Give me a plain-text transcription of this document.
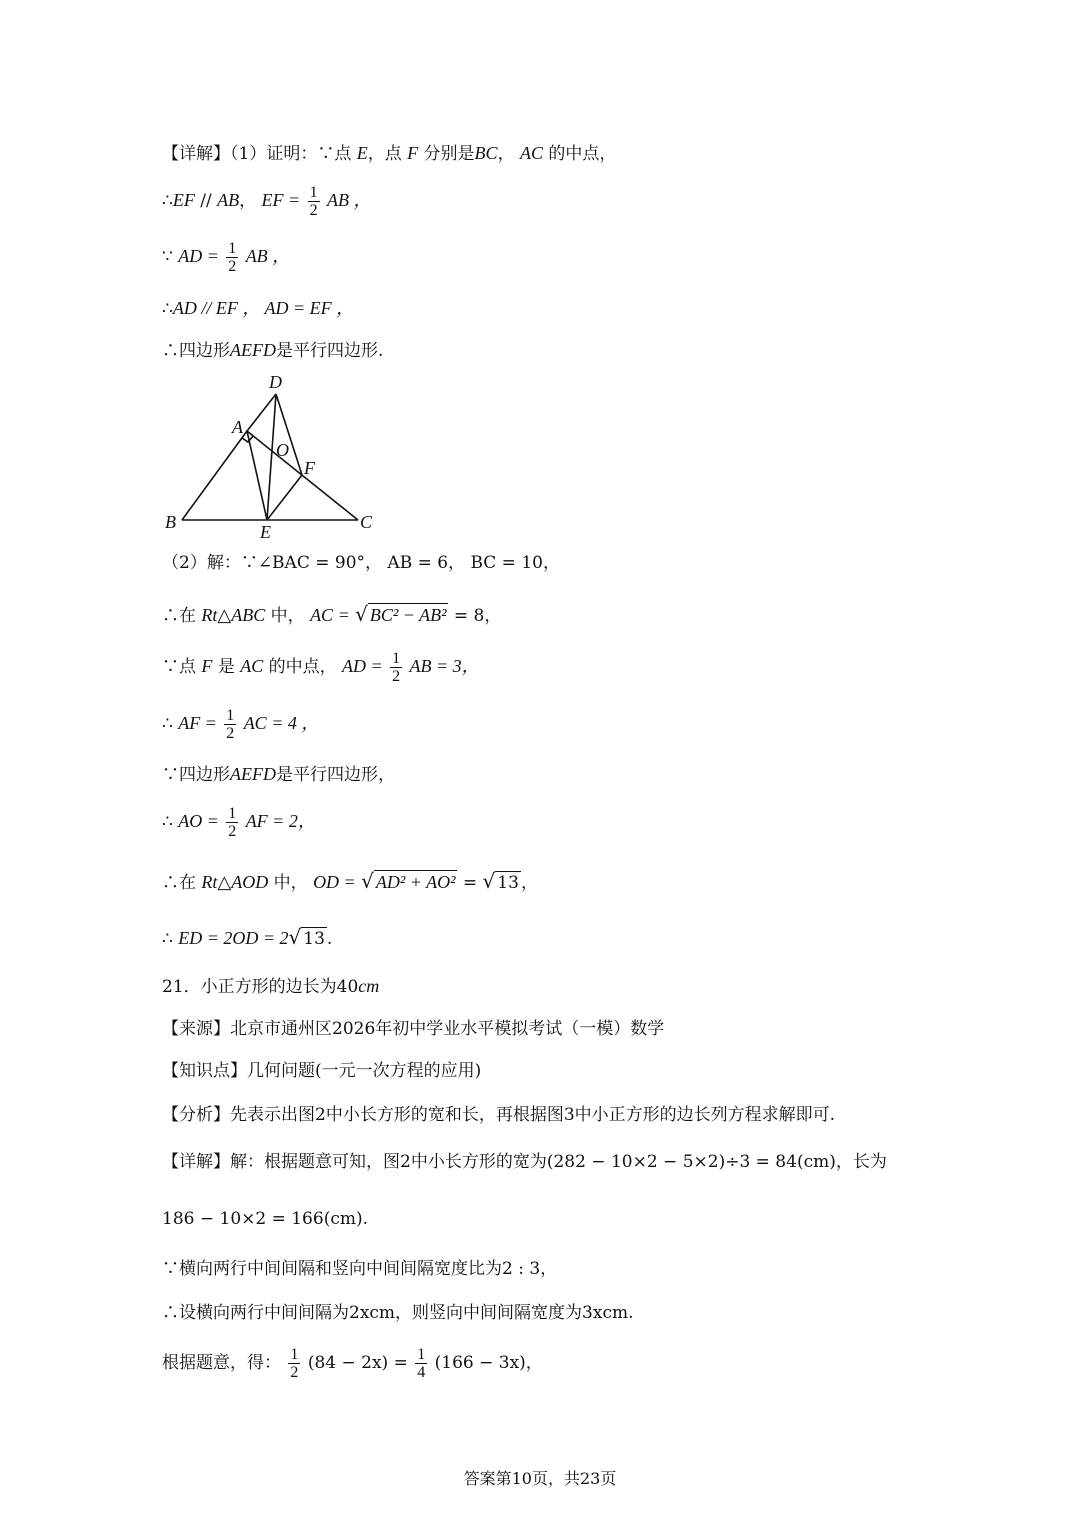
【详解】（1）证明：∵点 E，点 F 分别是BC， AC 的中点，
∴EF // AB， EF = $\frac{1}{2}$ AB ，
∵ AD = $\frac{1}{2}$ AB ，
∴AD // EF ， AD = EF ，
∴四边形AEFD是平行四边形.
D
A
O
F
B	E	C
（2）解：∵∠BAC = 90°， AB = 6， BC = 10，
∴在 Rt△ABC 中， AC = √ BC² − AB² = 8，
∵点 F 是 AC 的中点， AD = $\frac{1}{2}$ AB = 3，
∴ AF = $\frac{1}{2}$ AC = 4 ，
∵四边形AEFD是平行四边形，
∴ AO = $\frac{1}{2}$ AF = 2，
∴在 Rt△AOD 中， OD = √ AD² + AO² = √ 13 ，
∴ ED = 2OD = 2√ 13 .
21．小正方形的边长为40cm
【来源】北京市通州区2026年初中学业水平模拟考试（一模）数学
【知识点】几何问题(一元一次方程的应用)
【分析】先表示出图2中小长方形的宽和长，再根据图3中小正方形的边长列方程求解即可.
【详解】解：根据题意可知，图2中小长方形的宽为(282 − 10×2 − 5×2)÷3 = 84(cm)，长为
186 − 10×2 = 166(cm).
∵横向两行中间间隔和竖向中间间隔宽度比为2 : 3，
∴设横向两行中间间隔为2xcm，则竖向中间间隔宽度为3xcm.
根据题意，得： $\frac{1}{2} (84 - 2x) = \frac{1}{4} (166 - 3x)$，
答案第10页，共23页
